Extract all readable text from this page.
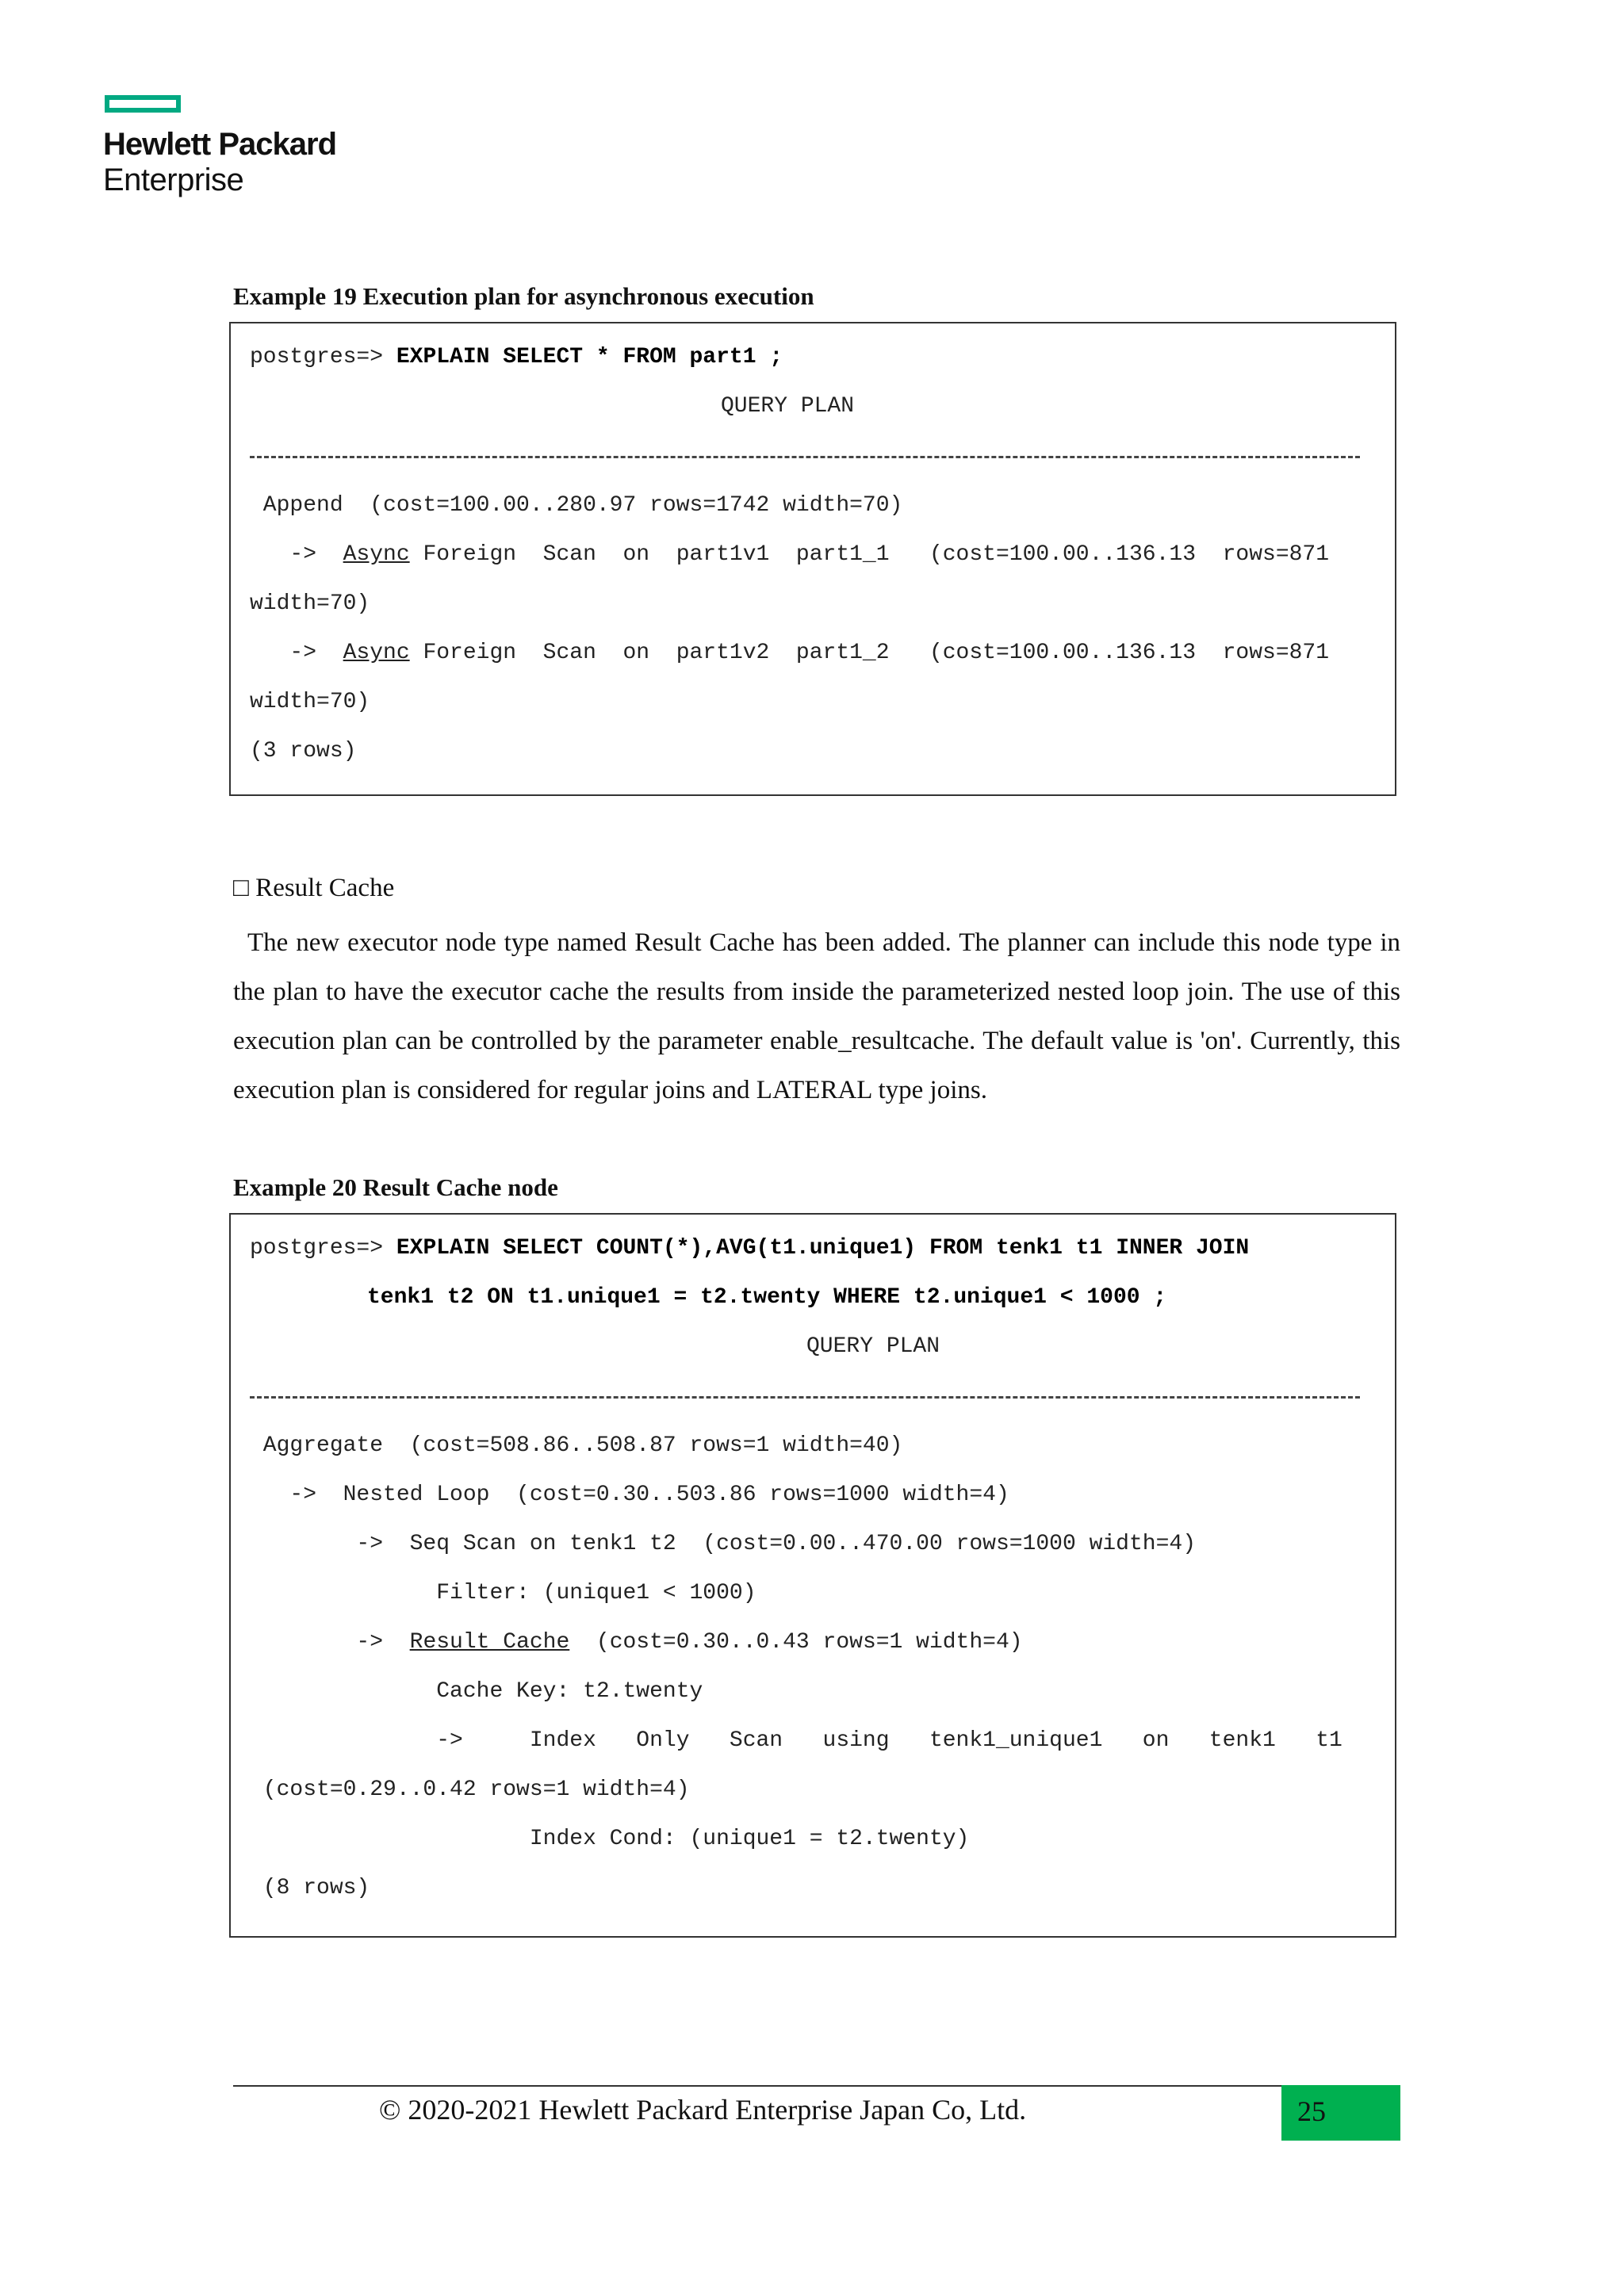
Hewlett Packard
Enterprise
Example 19 Execution plan for asynchronous execution
postgres=> EXPLAIN SELECT * FROM part1 ;
QUERY PLAN
Append  (cost=100.00..280.97 rows=1742 width=70)
->  Async Foreign  Scan  on  part1v1  part1_1   (cost=100.00..136.13  rows=871
width=70)
->  Async Foreign  Scan  on  part1v2  part1_2   (cost=100.00..136.13  rows=871
width=70)
(3 rows)
□ Result Cache
The new executor node type named Result Cache has been added. The planner can include this node type in the plan to have the executor cache the results from inside the parameterized nested loop join. The use of this execution plan can be controlled by the parameter enable_resultcache. The default value is 'on'. Currently, this execution plan is considered for regular joins and LATERAL type joins.
Example 20 Result Cache node
postgres=> EXPLAIN SELECT COUNT(*),AVG(t1.unique1) FROM tenk1 t1 INNER JOIN
tenk1 t2 ON t1.unique1 = t2.twenty WHERE t2.unique1 < 1000 ;
QUERY PLAN
Aggregate  (cost=508.86..508.87 rows=1 width=40)
->  Nested Loop  (cost=0.30..503.86 rows=1000 width=4)
->  Seq Scan on tenk1 t2  (cost=0.00..470.00 rows=1000 width=4)
Filter: (unique1 < 1000)
->  Result Cache  (cost=0.30..0.43 rows=1 width=4)
Cache Key: t2.twenty
->     Index   Only   Scan   using   tenk1_unique1   on   tenk1   t1
(cost=0.29..0.42 rows=1 width=4)
Index Cond: (unique1 = t2.twenty)
(8 rows)
© 2020-2021 Hewlett Packard Enterprise Japan Co, Ltd.	25
